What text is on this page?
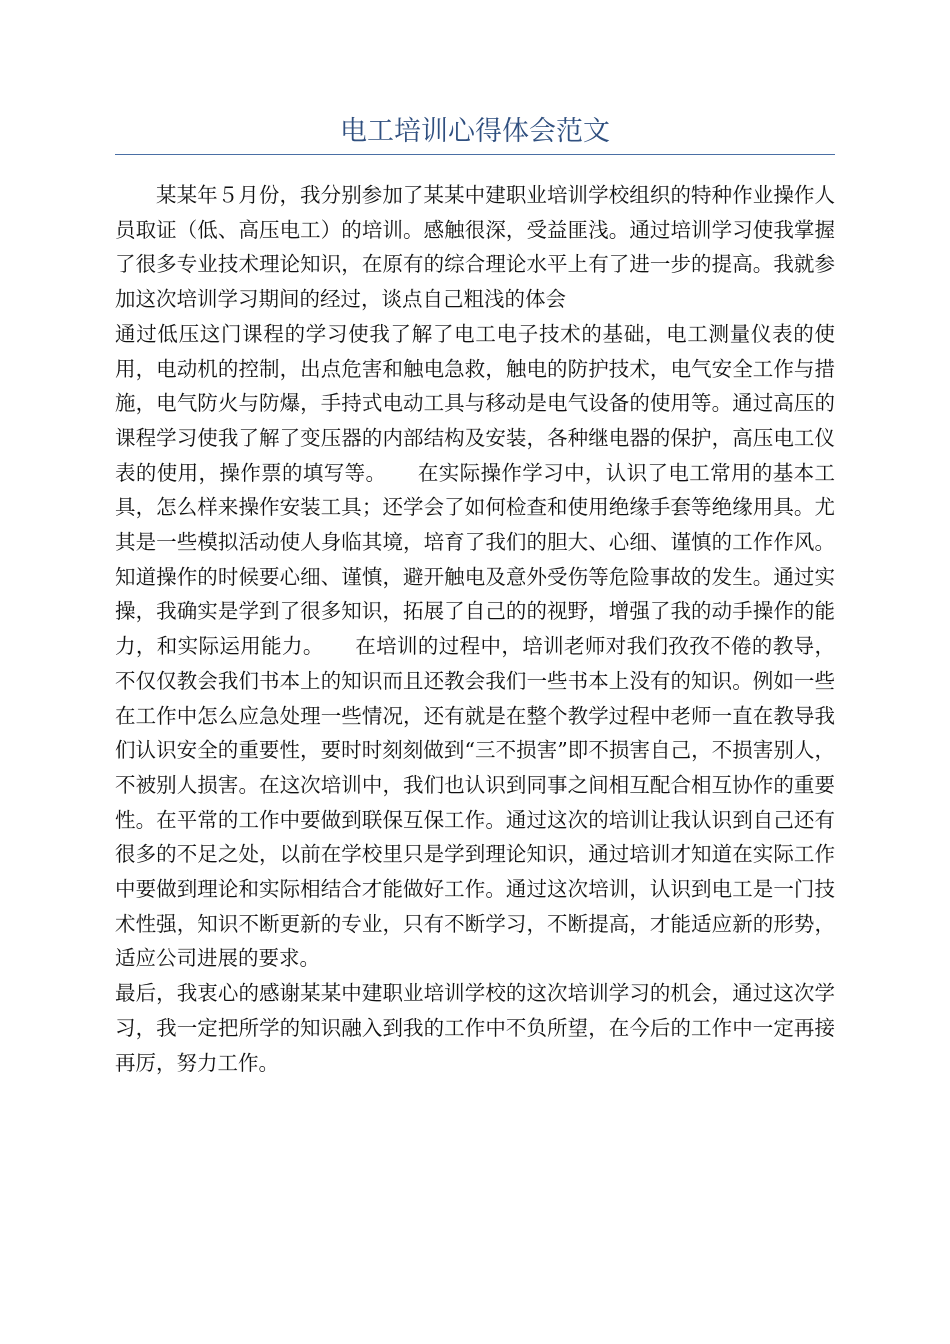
电工培训心得体会范文

某某年５月份，我分别参加了某某中建职业培训学校组织的特种作业操作人员取证（低、高压电工）的培训。感触很深，受益匪浅。通过培训学习使我掌握了很多专业技术理论知识，在原有的综合理论水平上有了进一步的提高。我就参加这次培训学习期间的经过，谈点自己粗浅的体会

通过低压这门课程的学习使我了解了电工电子技术的基础，电工测量仪表的使用，电动机的控制，出点危害和触电急救，触电的防护技术，电气安全工作与措施，电气防火与防爆，手持式电动工具与移动是电气设备的使用等。通过高压的课程学习使我了解了变压器的内部结构及安装，各种继电器的保护，高压电工仪表的使用，操作票的填写等。　　在实际操作学习中，认识了电工常用的基本工具，怎么样来操作安装工具；还学会了如何检查和使用绝缘手套等绝缘用具。尤其是一些模拟活动使人身临其境，培育了我们的胆大、心细、谨慎的工作作风。知道操作的时候要心细、谨慎，避开触电及意外受伤等危险事故的发生。通过实操，我确实是学到了很多知识，拓展了自己的的视野，增强了我的动手操作的能力，和实际运用能力。　　在培训的过程中，培训老师对我们孜孜不倦的教导，不仅仅教会我们书本上的知识而且还教会我们一些书本上没有的知识。例如一些在工作中怎么应急处理一些情况，还有就是在整个教学过程中老师一直在教导我们认识安全的重要性，要时时刻刻做到“三不损害”即不损害自己，不损害别人，不被别人损害。在这次培训中，我们也认识到同事之间相互配合相互协作的重要性。在平常的工作中要做到联保互保工作。通过这次的培训让我认识到自己还有很多的不足之处，以前在学校里只是学到理论知识，通过培训才知道在实际工作中要做到理论和实际相结合才能做好工作。通过这次培训，认识到电工是一门技术性强，知识不断更新的专业，只有不断学习，不断提高，才能适应新的形势，适应公司进展的要求。

最后，我衷心的感谢某某中建职业培训学校的这次培训学习的机会，通过这次学习，我一定把所学的知识融入到我的工作中不负所望，在今后的工作中一定再接再厉，努力工作。
